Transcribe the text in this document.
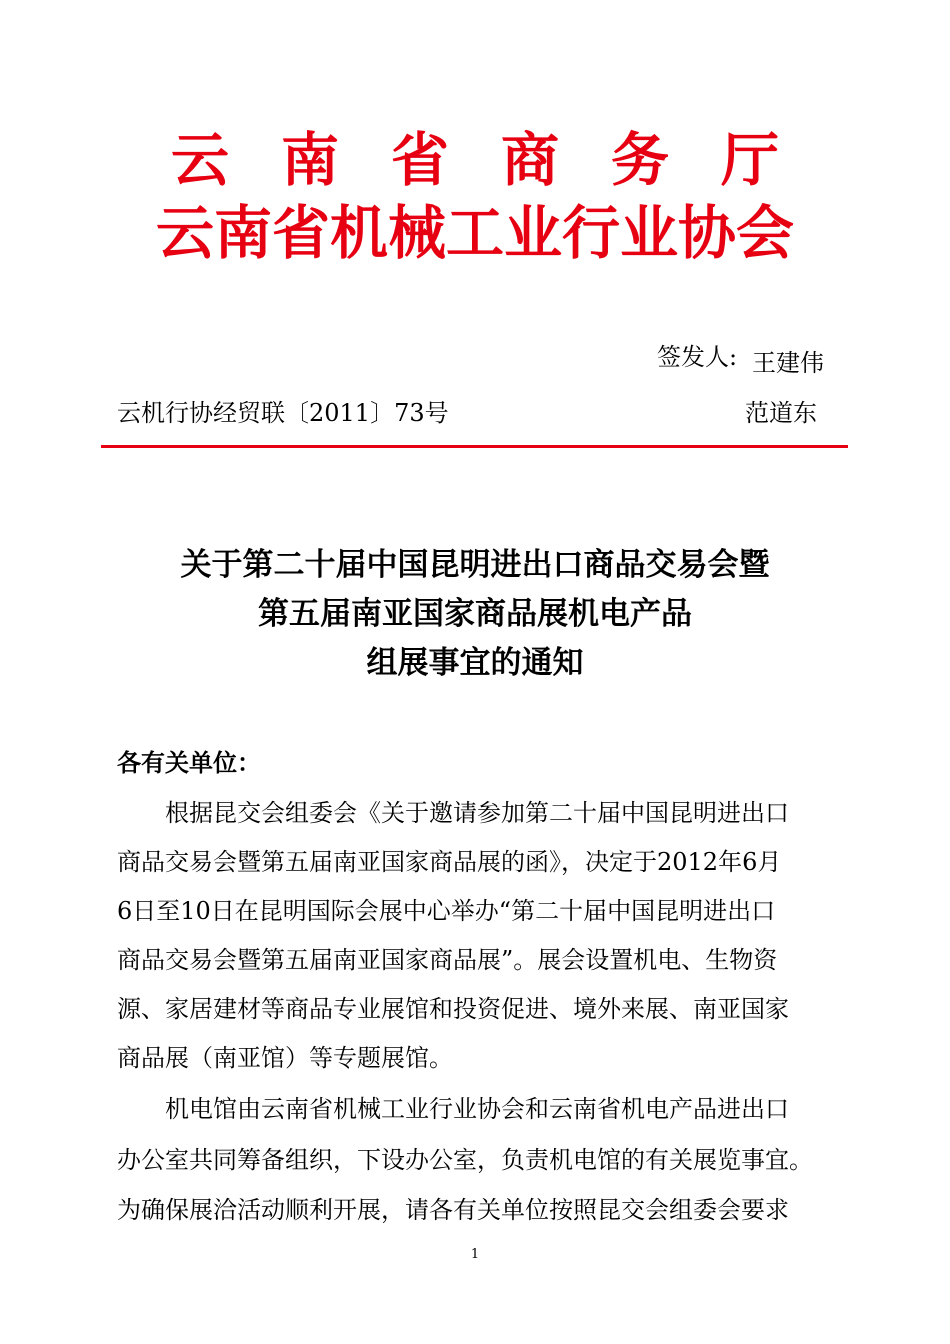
云南省商务厅
云南省机械工业行业协会
签发人: 王建伟
范道东
云机行协经贸联〔2011〕73号
关于第二十届中国昆明进出口商品交易会暨
第五届南亚国家商品展机电产品
组展事宜的通知
各有关单位：
根据昆交会组委会《关于邀请参加第二十届中国昆明进出口
商品交易会暨第五届南亚国家商品展的函》，决定于2012年6月
6日至10日在昆明国际会展中心举办“第二十届中国昆明进出口
商品交易会暨第五届南亚国家商品展”。展会设置机电、生物资
源、家居建材等商品专业展馆和投资促进、境外来展、南亚国家
商品展（南亚馆）等专题展馆。
机电馆由云南省机械工业行业协会和云南省机电产品进出口
办公室共同筹备组织，下设办公室，负责机电馆的有关展览事宜。
为确保展洽活动顺利开展，请各有关单位按照昆交会组委会要求
1
